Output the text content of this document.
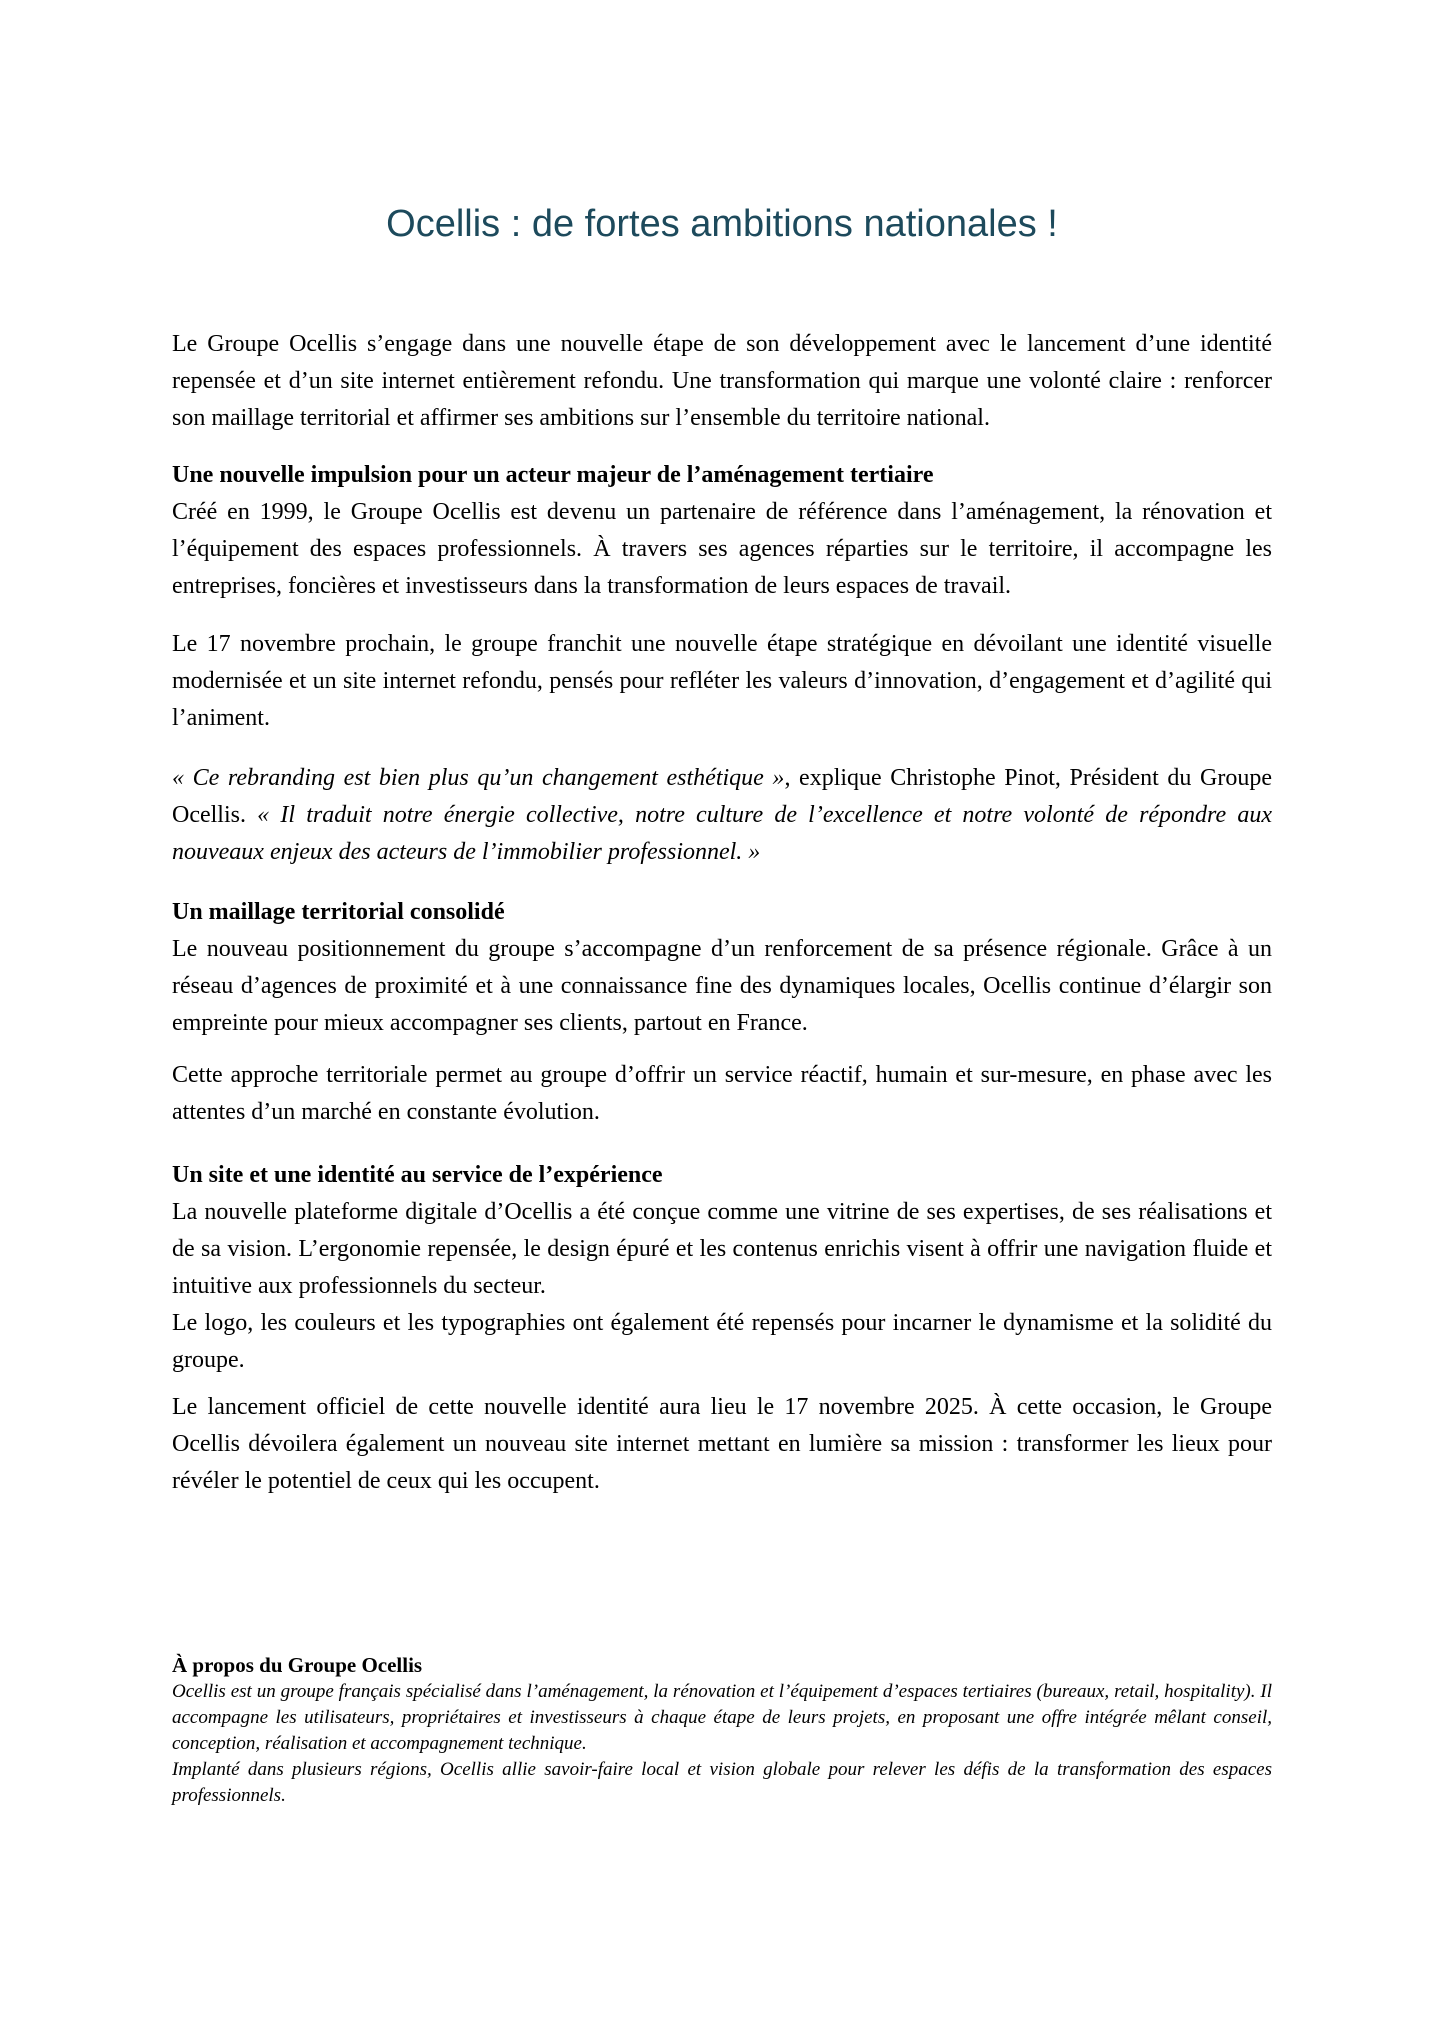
Ocellis : de fortes ambitions nationales !

Le Groupe Ocellis s’engage dans une nouvelle étape de son développement avec le lancement d’une identité repensée et d’un site internet entièrement refondu. Une transformation qui marque une volonté claire : renforcer son maillage territorial et affirmer ses ambitions sur l’ensemble du territoire national.

Une nouvelle impulsion pour un acteur majeur de l’aménagement tertiaire

Créé en 1999, le Groupe Ocellis est devenu un partenaire de référence dans l’aménagement, la rénovation et l’équipement des espaces professionnels. À travers ses agences réparties sur le territoire, il accompagne les entreprises, foncières et investisseurs dans la transformation de leurs espaces de travail.

Le 17 novembre prochain, le groupe franchit une nouvelle étape stratégique en dévoilant une identité visuelle modernisée et un site internet refondu, pensés pour refléter les valeurs d’innovation, d’engagement et d’agilité qui l’animent.

« Ce rebranding est bien plus qu’un changement esthétique », explique Christophe Pinot, Président du Groupe Ocellis. « Il traduit notre énergie collective, notre culture de l’excellence et notre volonté de répondre aux nouveaux enjeux des acteurs de l’immobilier professionnel. »

Un maillage territorial consolidé

Le nouveau positionnement du groupe s’accompagne d’un renforcement de sa présence régionale. Grâce à un réseau d’agences de proximité et à une connaissance fine des dynamiques locales, Ocellis continue d’élargir son empreinte pour mieux accompagner ses clients, partout en France.

Cette approche territoriale permet au groupe d’offrir un service réactif, humain et sur-mesure, en phase avec les attentes d’un marché en constante évolution.

Un site et une identité au service de l’expérience

La nouvelle plateforme digitale d’Ocellis a été conçue comme une vitrine de ses expertises, de ses réalisations et de sa vision. L’ergonomie repensée, le design épuré et les contenus enrichis visent à offrir une navigation fluide et intuitive aux professionnels du secteur.

Le logo, les couleurs et les typographies ont également été repensés pour incarner le dynamisme et la solidité du groupe.

Le lancement officiel de cette nouvelle identité aura lieu le 17 novembre 2025. À cette occasion, le Groupe Ocellis dévoilera également un nouveau site internet mettant en lumière sa mission : transformer les lieux pour révéler le potentiel de ceux qui les occupent.

À propos du Groupe Ocellis

Ocellis est un groupe français spécialisé dans l’aménagement, la rénovation et l’équipement d’espaces tertiaires (bureaux, retail, hospitality). Il accompagne les utilisateurs, propriétaires et investisseurs à chaque étape de leurs projets, en proposant une offre intégrée mêlant conseil, conception, réalisation et accompagnement technique.

Implanté dans plusieurs régions, Ocellis allie savoir-faire local et vision globale pour relever les défis de la transformation des espaces professionnels.
